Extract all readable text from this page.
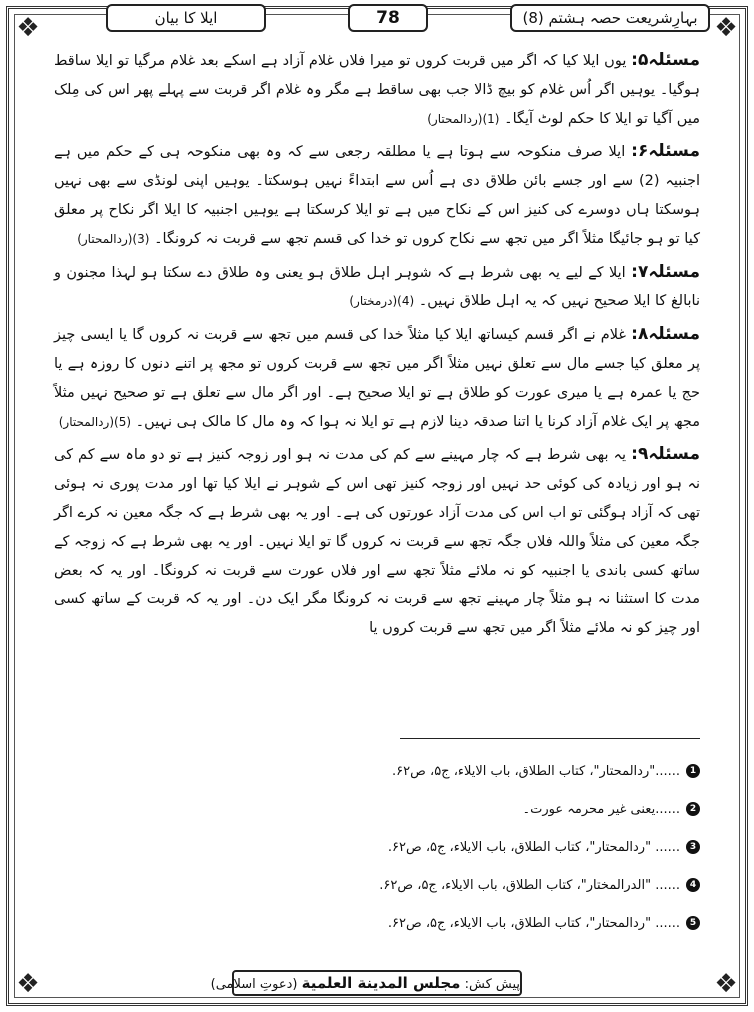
❖	❖
❖	❖
ایلا کا بیان	78	بہارِشریعت حصہ ہشتم (8)

مسئلہ۵: یوں ایلا کیا کہ اگر میں قربت کروں تو میرا فلاں غلام آزاد ہے اسکے بعد غلام مرگیا تو ایلا ساقط ہوگیا۔ یوہیں اگر اُس غلام کو بیچ ڈالا جب بھی ساقط ہے مگر وہ غلام اگر قربت سے پہلے پھر اس کی مِلک میں آگیا تو ایلا کا حکم لوٹ آیگا۔ (1)(ردالمحتار)

مسئلہ۶: ایلا صرف منکوحہ سے ہوتا ہے یا مطلقہ رجعی سے کہ وہ بھی منکوحہ ہی کے حکم میں ہے اجنبیہ (2) سے اور جسے بائن طلاق دی ہے اُس سے ابتداءً نہیں ہوسکتا۔ یوہیں اپنی لونڈی سے بھی نہیں ہوسکتا ہاں دوسرے کی کنیز اس کے نکاح میں ہے تو ایلا کرسکتا ہے یوہیں اجنبیہ کا ایلا اگر نکاح پر معلق کیا تو ہو جائیگا مثلاً اگر میں تجھ سے نکاح کروں تو خدا کی قسم تجھ سے قربت نہ کرونگا۔ (3)(ردالمحتار)

مسئلہ۷: ایلا کے لیے یہ بھی شرط ہے کہ شوہر اہل طلاق ہو یعنی وہ طلاق دے سکتا ہو لہذا مجنون و نابالغ کا ایلا صحیح نہیں کہ یہ اہل طلاق نہیں۔ (4)(درمختار)

مسئلہ۸: غلام نے اگر قسم کیساتھ ایلا کیا مثلاً خدا کی قسم میں تجھ سے قربت نہ کروں گا یا ایسی چیز پر معلق کیا جسے مال سے تعلق نہیں مثلاً اگر میں تجھ سے قربت کروں تو مجھ پر اتنے دنوں کا روزہ ہے یا حج یا عمرہ ہے یا میری عورت کو طلاق ہے تو ایلا صحیح ہے۔ اور اگر مال سے تعلق ہے تو صحیح نہیں مثلاً مجھ پر ایک غلام آزاد کرنا یا اتنا صدقہ دینا لازم ہے تو ایلا نہ ہوا کہ وہ مال کا مالک ہی نہیں۔ (5)(ردالمحتار)

مسئلہ۹: یہ بھی شرط ہے کہ چار مہینے سے کم کی مدت نہ ہو اور زوجہ کنیز ہے تو دو ماہ سے کم کی نہ ہو اور زیادہ کی کوئی حد نہیں اور زوجہ کنیز تھی اس کے شوہر نے ایلا کیا تھا اور مدت پوری نہ ہوئی تھی کہ آزاد ہوگئی تو اب اس کی مدت آزاد عورتوں کی ہے۔ اور یہ بھی شرط ہے کہ جگہ معین نہ کرے اگر جگہ معین کی مثلاً واللہ فلاں جگہ تجھ سے قربت نہ کروں گا تو ایلا نہیں۔ اور یہ بھی شرط ہے کہ زوجہ کے ساتھ کسی باندی یا اجنبیہ کو نہ ملائے مثلاً تجھ سے اور فلاں عورت سے قربت نہ کرونگا۔ اور یہ کہ بعض مدت کا استثنا نہ ہو مثلاً چار مہینے تجھ سے قربت نہ کرونگا مگر ایک دن۔ اور یہ کہ قربت کے ساتھ کسی اور چیز کو نہ ملائے مثلاً اگر میں تجھ سے قربت کروں یا

1
......"ردالمحتار"، کتاب الطلاق، باب الایلاء، ج۵، ص۶۲.
2
......یعنی غیر محرمہ عورت۔
3
...... "ردالمحتار"، کتاب الطلاق، باب الایلاء، ج۵، ص۶۲.
4
...... "الدرالمختار"، کتاب الطلاق، باب الایلاء، ج۵، ص۶۲.
5
...... "ردالمحتار"، کتاب الطلاق، باب الایلاء، ج۵، ص۶۲.
پیش کش: مجلس المدينة العلمية (دعوتِ اسلامی)
